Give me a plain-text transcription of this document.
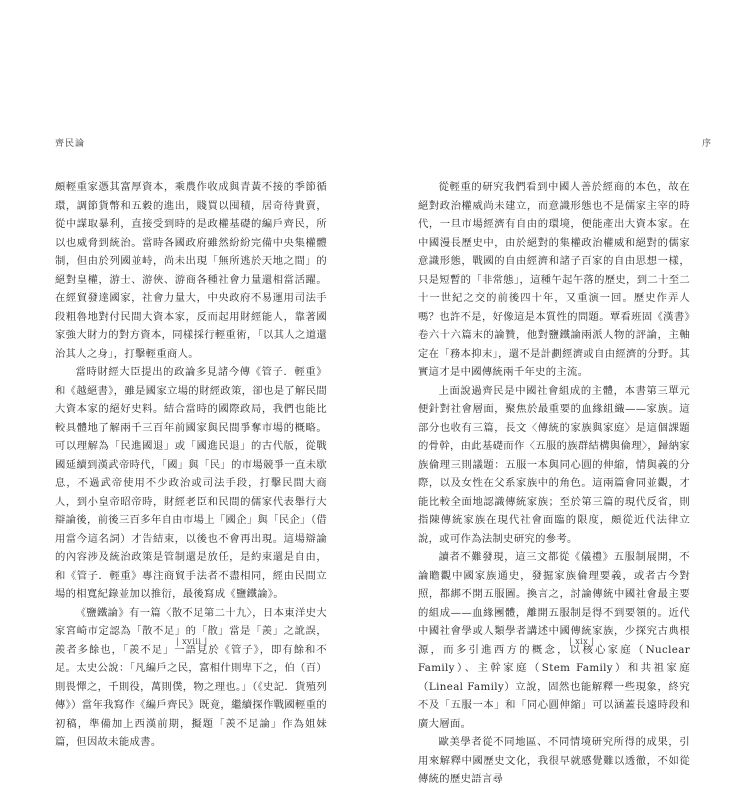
齊民論

頗輕重家憑其富厚資本，乘農作收成與青黃不接的季節循環，調節貨幣和五穀的進出，賤買以囤積，居奇待貴賣，從中謀取暴利，直接受到時的是政權基礎的編戶齊民，所以也威脅到統治。當時各國政府雖然紛紛完備中央集權體制，但由於列國並峙，尚未出現「無所逃於天地之間」的絕對皇權，游士、游俠、游商各種社會力量還相當活躍。在經貿發達國家，社會力量大，中央政府不易運用司法手段粗魯地對付民間大資本家，反而起用財經能人，靠著國家強大財力的對方資本，同樣採行輕重術，「以其人之道還治其人之身」，打擊輕重商人。

當時財經大臣提出的政論多見諸今傳《管子．輕重》和《越絕書》，雖是國家立場的財經政策，卻也是了解民間大資本家的絕好史料。結合當時的國際政局，我們也能比較具體地了解兩千三百年前國家與民間爭奪市場的概略。可以理解為「民進國退」或「國進民退」的古代版，從戰國延續到漢武帝時代，「國」與「民」的市場競爭一直未歇息，不過武帝使用不少政治或司法手段，打擊民間大商人，到小皇帝昭帝時，財經老臣和民間的儒家代表舉行大辯論後，前後三百多年自由市場上「國企」與「民企」（借用當今這名詞）才告結束，以後也不會再出現。這場辯論的內容涉及統治政策是管制還是放任，是約束還是自由，和《管子．輕重》專注商貿手法者不盡相同，經由民間立場的相寬紀錄並加以推衍，最後寫成《鹽鐵論》。

《鹽鐵論》有一篇〈散不足第二十九〉，日本東洋史大家宮崎市定認為「散不足」的「散」當是「羨」之訛誤，羨者多餘也，「羨不足」一語見於《管子》，即有餘和不足。太史公說：「凡編戶之民，富相什則卑下之，伯（百）則畏憚之，千則役，萬則僕，物之理也。」（《史記．貨殖列傳》）當年我寫作《編戶齊民》既竟，繼續探作戰國輕重的初稿，準備加上西漢前期，擬題「羨不足論」作為姐妹篇，但因故未能成書。

| xviii |
序

從輕重的研究我們看到中國人善於經商的本色，故在絕對政治權威尚未建立，而意識形態也不是儒家主宰的時代，一旦市場經濟有自由的環境，便能產出大資本家。在中國漫長歷史中，由於絕對的集權政治權威和絕對的儒家意識形態，戰國的自由經濟和諸子百家的自由思想一樣，只是短暫的「非常態」，這種午起午落的歷史，到二十至二十一世紀之交的前後四十年，又重演一回。歷史作弄人嗎？也許不是，好像這是本質性的問題。覃看班固《漢書》卷六十六篇末的論贊，他對鹽鐵論兩派人物的評論，主軸定在「務本抑末」，還不是計劃經濟或自由經濟的分野。其實這才是中國傳統兩千年史的主流。

上面說過齊民是中國社會組成的主體，本書第三單元便針對社會層面，聚焦於最重要的血緣組織——家族。這部分也收有三篇，長文〈傳統的家族與家庭〉是這個課題的骨幹，由此基礎而作〈五服的族群結構與倫理〉，歸納家族倫理三則議題：五服一本與同心圓的伸縮，情與義的分際，以及女性在父系家族中的角色。這兩篇會同並觀，才能比較全面地認識傳統家族；至於第三篇的現代反省，則指陳傳統家族在現代社會面臨的限度，頗從近代法律立說，或可作為法制史研究的參考。

讀者不難發現，這三文都從《儀禮》五服制展開，不論瞻觀中國家族通史，發掘家族倫理要義，或者古今對照，都綁不開五服圖。換言之，討論傳統中國社會最主要的組成——血緣團體，離開五服制是得不到要領的。近代中國社會學或人類學者講述中國傳統家族，少探究古典根源，而多引進西方的概念，以核心家庭（Nuclear Family）、主幹家庭（Stem Family）和共祖家庭（Lineal Family）立說，固然也能解釋一些現象，終究不及「五服一本」和「同心圓伸縮」可以涵蓋長遠時段和廣大層面。

歐美學者從不同地區、不同情境研究所得的成果，引用來解釋中國歷史文化，我很早就感覺難以透徹，不如從傳統的歷史語言尋

| xix |
